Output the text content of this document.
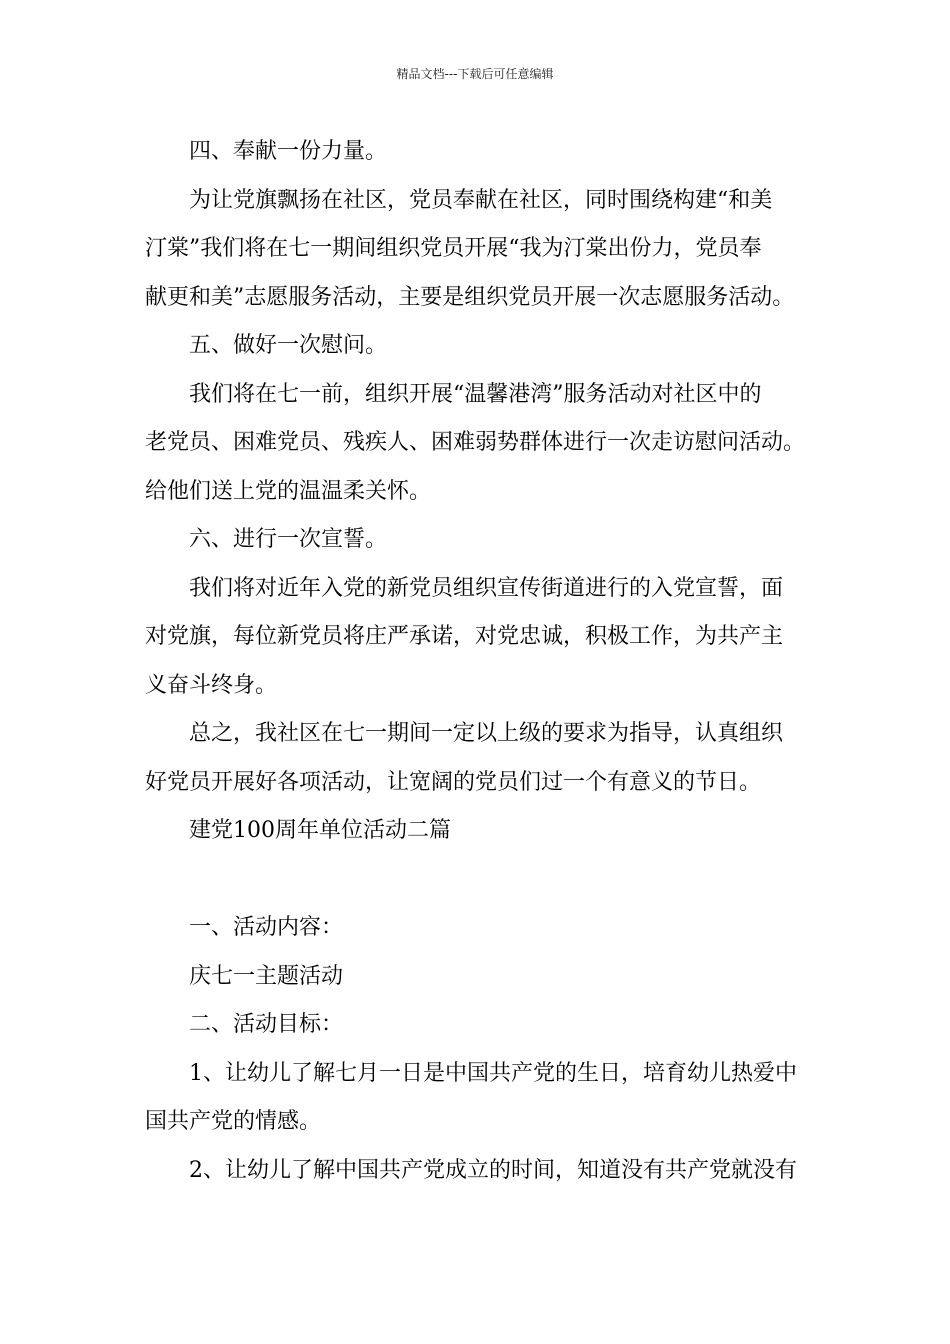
精品文档---下载后可任意编辑

四、奉献一份力量。

为让党旗飘扬在社区，党员奉献在社区，同时围绕构建“和美

汀棠”我们将在七一期间组织党员开展“我为汀棠出份力，党员奉

献更和美”志愿服务活动，主要是组织党员开展一次志愿服务活动。

五、做好一次慰问。

我们将在七一前，组织开展“温馨港湾”服务活动对社区中的

老党员、困难党员、残疾人、困难弱势群体进行一次走访慰问活动。

给他们送上党的温温柔关怀。

六、进行一次宣誓。

我们将对近年入党的新党员组织宣传街道进行的入党宣誓，面

对党旗，每位新党员将庄严承诺，对党忠诚，积极工作，为共产主

义奋斗终身。

总之，我社区在七一期间一定以上级的要求为指导，认真组织

好党员开展好各项活动，让宽阔的党员们过一个有意义的节日。

建党100周年单位活动二篇

一、活动内容：

庆七一主题活动

二、活动目标：

1、让幼儿了解七月一日是中国共产党的生日，培育幼儿热爱中

国共产党的情感。

2、让幼儿了解中国共产党成立的时间，知道没有共产党就没有
